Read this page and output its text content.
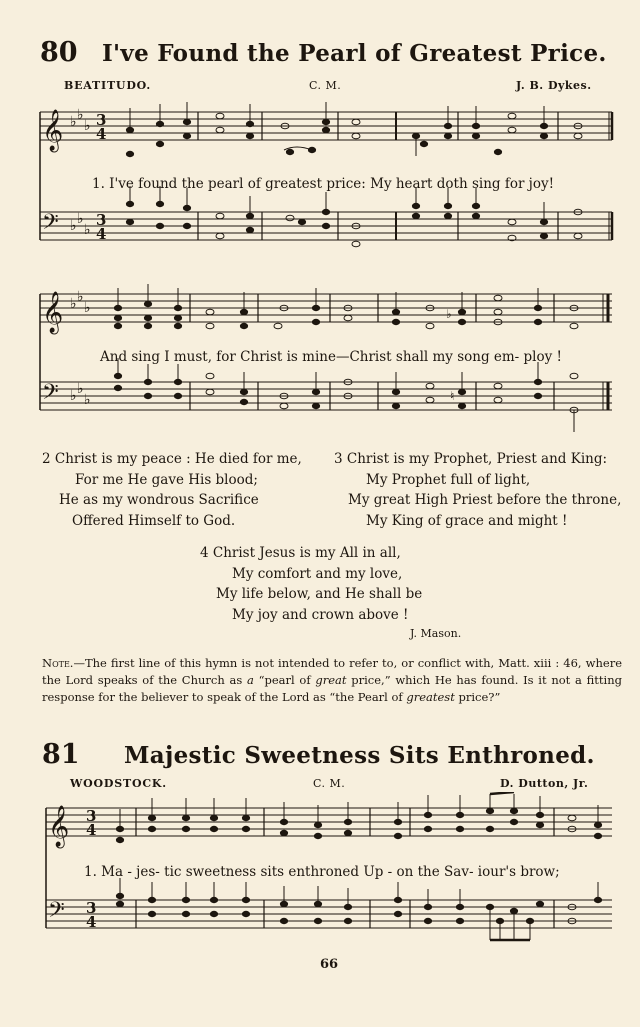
80 I've Found the Pearl of Greatest Price.
BEATITUDO.	C. M.	J. B. Dykes.
𝄞
𝄢
♭ ♭
♭
♭ ♭
♭
3
4
3
4
1. I've found the pearl of greatest price: My heart doth sing for joy!
𝄞
𝄢
♭ ♭
♭
♭ ♭
♭
♭
♮
And sing I must, for Christ is mine—Christ shall my song em- ploy !

2 Christ is my peace : He died for me,

For me He gave His blood;

He as my wondrous Sacrifice

Offered Himself to God.

3 Christ is my Prophet, Priest and King:

My Prophet full of light,

My great High Priest before the throne,

My King of grace and might !

4 Christ Jesus is my All in all,

My comfort and my love,

My life below, and He shall be

My joy and crown above !

J. Mason.
Note.—The first line of this hymn is not intended to refer to, or conflict with, Matt. xiii : 46, where the Lord speaks of the Church as a “pearl of great price,” which He has found. Is it not a fitting response for the believer to speak of the Lord as “the Pearl of greatest price?”
81 Majestic Sweetness Sits Enthroned.
WOODSTOCK.	C. M.	D. Dutton, Jr.
𝄞
𝄢
3
4
3
4
1. Ma - jes- tic sweetness sits enthroned Up - on the Sav- iour's brow;
66
